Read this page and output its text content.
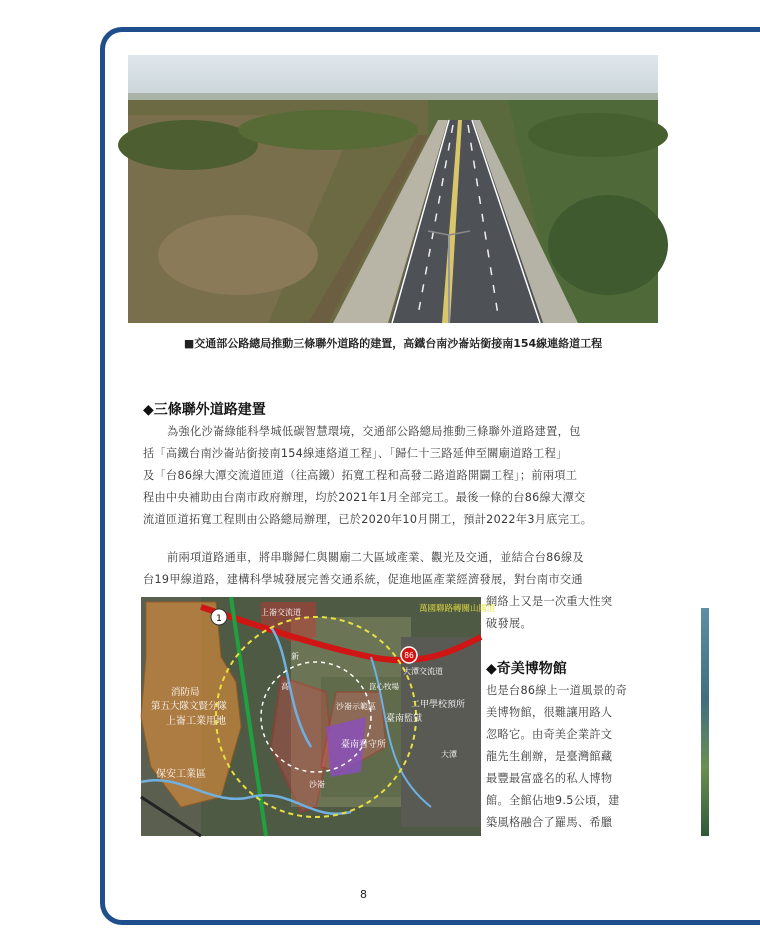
■交通部公路總局推動三條聯外道路的建置，高鐵台南沙崙站銜接南154線連絡道工程
◆三條聯外道路建置

為強化沙崙綠能科學城低碳智慧環境，交通部公路總局推動三條聯外道路建置，包

括「高鐵台南沙崙站銜接南154線連絡道工程」、「歸仁十三路延伸至關廟道路工程」

及「台86線大潭交流道匝道（往高鐵）拓寬工程和高發二路道路開闢工程」；前兩項工

程由中央補助由台南市政府辦理，均於2021年1月全部完工。最後一條的台86線大潭交

流道匝道拓寬工程則由公路總局辦理，已於2020年10月開工，預計2022年3月底完工。

前兩項道路通車，將串聯歸仁與關廟二大區域產業、觀光及交通，並結合台86線及

台19甲線道路，建構科學城發展完善交通系統，促進地區產業經濟發展，對台南市交通

網絡上又是一次重大性突

破發展。

1
86
消防局
第五大隊文賢分隊
上崙工業用地
保安工業區
上崙交流道
大潭交流道
崑心牧場
二甲學校預所
臺南監獄
臺南看守所
沙崙示範區
大潭
萬國聯路轉關山國道
新
沙崙
高
◆奇美博物館

也是台86線上一道風景的奇

美博物館，很難讓用路人

忽略它。由奇美企業許文

龍先生創辦，是臺灣館藏

最豐最富盛名的私人博物

館。全館佔地9.5公頃，建

築風格融合了羅馬、希臘

8
